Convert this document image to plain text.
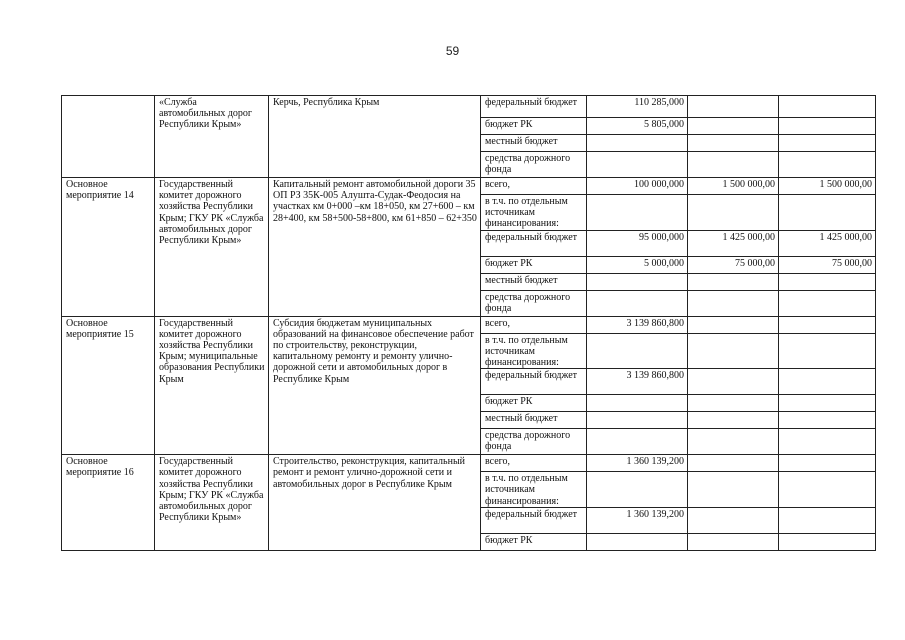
59
	«Служба автомобильных дорог Республики Крым»	Керчь, Республика Крым	федеральный бюджет	110 285,000		
			бюджет РК	5 805,000		
			местный бюджет			
			средства дорожного фонда			
Основное мероприятие 14	Государственный комитет дорожного хозяйства Республики Крым; ГКУ РК «Служба автомобильных дорог Республики Крым»	Капитальный ремонт автомобильной дороги 35 ОП РЗ 35К-005 Алушта-Судак-Феодосия на участках км 0+000 –км 18+050, км 27+600 – км 28+400, км 58+500-58+800, км 61+850 – 62+350	всего,	100 000,000	1 500 000,00	1 500 000,00
			в т.ч. по отдельным источникам финансирования:			
			федеральный бюджет	95 000,000	1 425 000,00	1 425 000,00
			бюджет РК	5 000,000	75 000,00	75 000,00
			местный бюджет			
			средства дорожного фонда			
Основное мероприятие 15	Государственный комитет дорожного хозяйства Республики Крым; муниципальные образования Республики Крым	Субсидия бюджетам муниципальных образований на финансовое обеспечение работ по строительству, реконструкции, капитальному ремонту и ремонту улично-дорожной сети и автомобильных дорог в Республике Крым	всего,	3 139 860,800		
			в т.ч. по отдельным источникам финансирования:			
			федеральный бюджет	3 139 860,800		
			бюджет РК			
			местный бюджет			
			средства дорожного фонда			
Основное мероприятие 16	Государственный комитет дорожного хозяйства Республики Крым; ГКУ РК «Служба автомобильных дорог Республики Крым»	Строительство, реконструкция, капитальный ремонт и ремонт улично-дорожной сети и автомобильных дорог в Республике Крым	всего,	1 360 139,200		
			в т.ч. по отдельным источникам финансирования:			
			федеральный бюджет	1 360 139,200		
			бюджет РК			
